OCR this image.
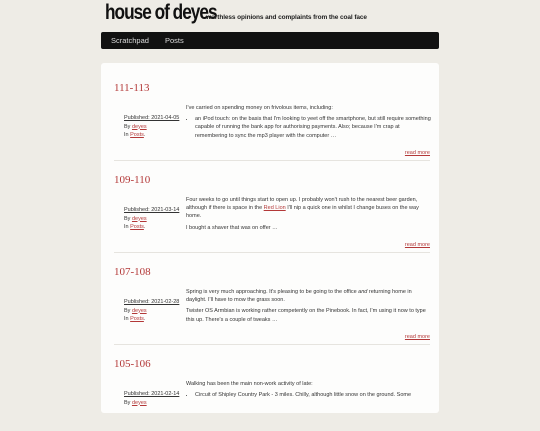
house of deyes
worthless opinions and complaints from the coal face
Scratchpad Posts
111-113
Published: 2021-04-05
By deyes
In Posts.

I've carried on spending money on frivolous items, including:

• an iPod touch: on the basis that I'm looking to yeet off the smartphone, but still require something capable of running the bank app for authorising payments. Also; because I'm crap at remembering to sync the mp3 player with the computer …
read more
109-110
Published: 2021-03-14
By deyes
In Posts.

Four weeks to go until things start to open up. I probably won't rush to the nearest beer garden, although if there is space in the Red Lion I'll nip a quick one in whilst I change buses on the way home.

I bought a shaver that was on offer …

read more
107-108
Published: 2021-02-28
By deyes
In Posts.

Spring is very much approaching. It's pleasing to be going to the office and returning home in daylight. I'll have to mow the grass soon.

Twister OS Armbian is working rather competently on the Pinebook. In fact, I'm using it now to type this up. There's a couple of tweaks …

read more
105-106
Published: 2021-02-14
By deyes

Walking has been the main non-work activity of late:

• Circuit of Shipley Country Park - 3 miles. Chilly, although little snow on the ground. Some
